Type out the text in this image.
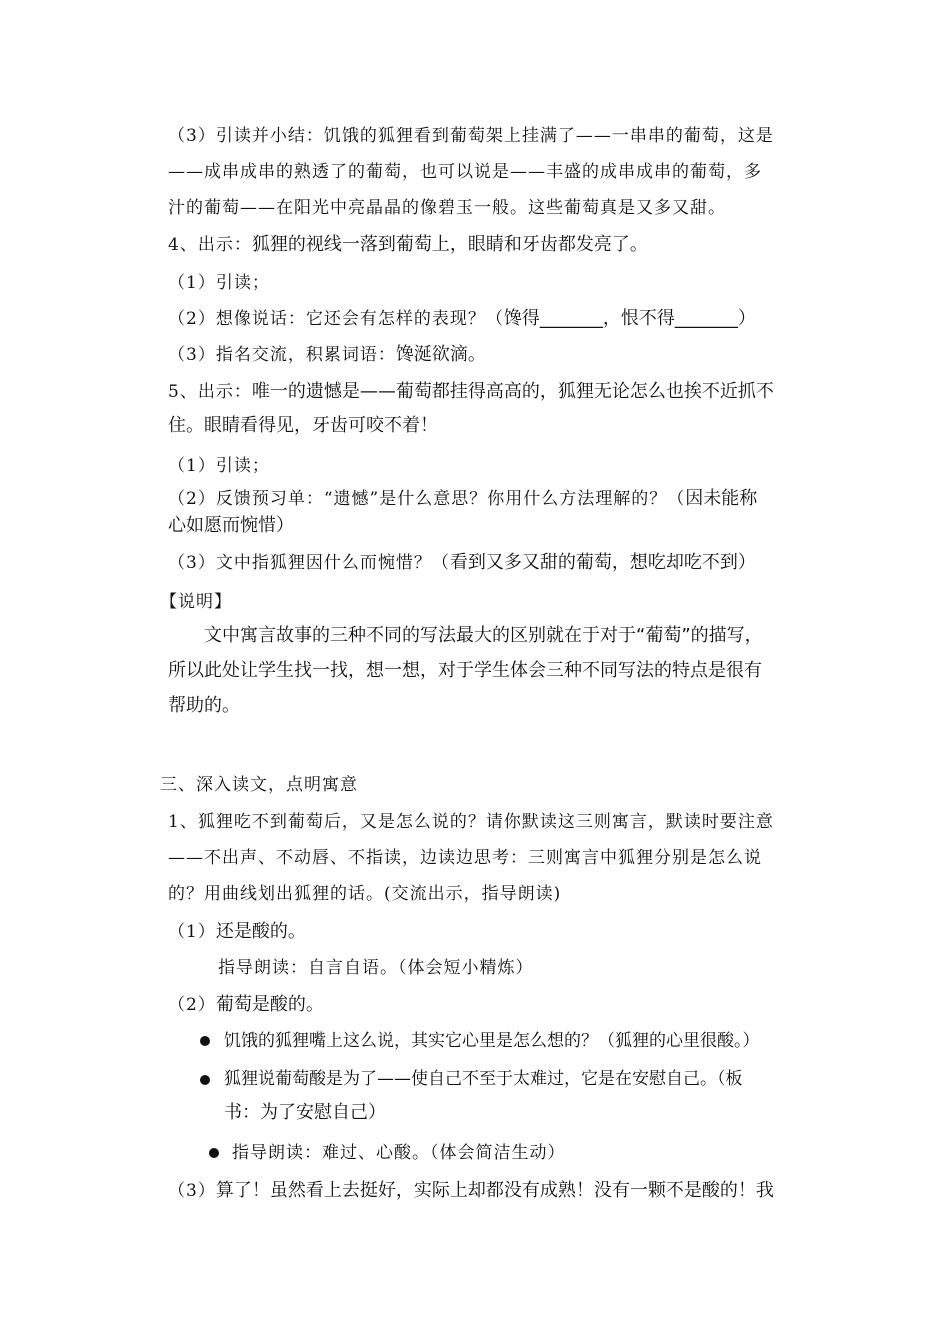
（3）引读并小结：饥饿的狐狸看到葡萄架上挂满了——一串串的葡萄，这是
——成串成串的熟透了的葡萄，也可以说是——丰盛的成串成串的葡萄，多
汁的葡萄——在阳光中亮晶晶的像碧玉一般。这些葡萄真是又多又甜。
4、出示：狐狸的视线一落到葡萄上，眼睛和牙齿都发亮了。
（1）引读；
（2）想像说话：它还会有怎样的表现？（馋得_______，恨不得_______）
（3）指名交流，积累词语：馋涎欲滴。
5、出示：唯一的遗憾是——葡萄都挂得高高的，狐狸无论怎么也挨不近抓不
住。眼睛看得见，牙齿可咬不着！
（1）引读；
（2）反馈预习单：“遗憾”是什么意思？你用什么方法理解的？（因未能称
心如愿而惋惜）
（3）文中指狐狸因什么而惋惜？（看到又多又甜的葡萄，想吃却吃不到）
【说明】
文中寓言故事的三种不同的写法最大的区别就在于对于“葡萄”的描写，
所以此处让学生找一找，想一想，对于学生体会三种不同写法的特点是很有
帮助的。
三、深入读文，点明寓意
1、狐狸吃不到葡萄后，又是怎么说的？请你默读这三则寓言，默读时要注意
——不出声、不动唇、不指读，边读边思考：三则寓言中狐狸分别是怎么说
的？用曲线划出狐狸的话。(交流出示，指导朗读)
（1）还是酸的。
指导朗读：自言自语。（体会短小精炼）
（2）葡萄是酸的。
饥饿的狐狸嘴上这么说，其实它心里是怎么想的？（狐狸的心里很酸。）
狐狸说葡萄酸是为了——使自己不至于太难过，它是在安慰自己。（板
书：为了安慰自己）
指导朗读：难过、心酸。（体会简洁生动）
（3）算了！虽然看上去挺好，实际上却都没有成熟！没有一颗不是酸的！我
